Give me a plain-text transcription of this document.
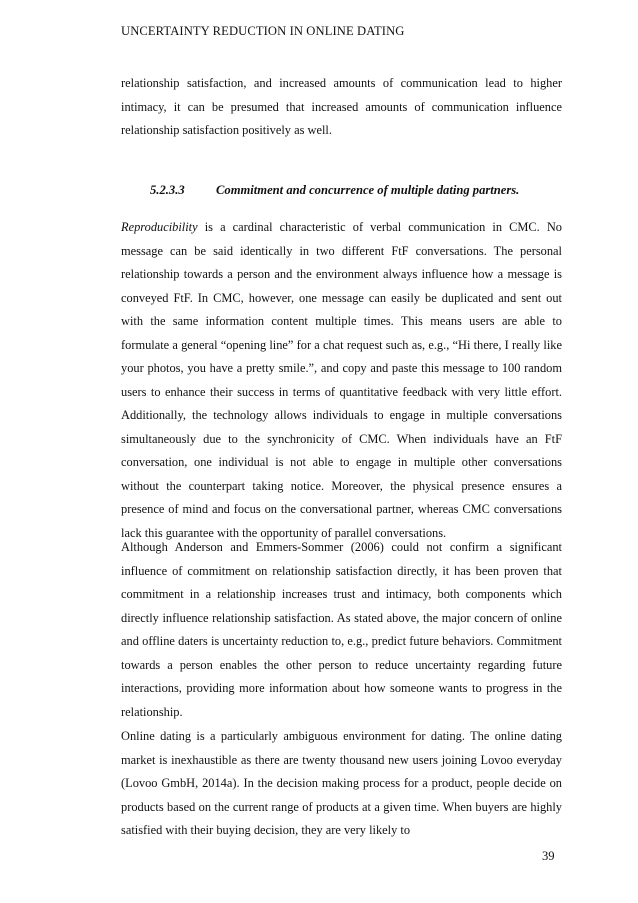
UNCERTAINTY REDUCTION IN ONLINE DATING

relationship satisfaction, and increased amounts of communication lead to higher intimacy, it can be presumed that increased amounts of communication influence relationship satisfaction positively as well.

5.2.3.3 Commitment and concurrence of multiple dating partners.

Reproducibility is a cardinal characteristic of verbal communication in CMC. No message can be said identically in two different FtF conversations. The personal relationship towards a person and the environment always influence how a message is conveyed FtF. In CMC, however, one message can easily be duplicated and sent out with the same information content multiple times. This means users are able to formulate a general “opening line” for a chat request such as, e.g., “Hi there, I really like your photos, you have a pretty smile.”, and copy and paste this message to 100 random users to enhance their success in terms of quantitative feedback with very little effort. Additionally, the technology allows individuals to engage in multiple conversations simultaneously due to the synchronicity of CMC. When individuals have an FtF conversation, one individual is not able to engage in multiple other conversations without the counterpart taking notice. Moreover, the physical presence ensures a presence of mind and focus on the conversational partner, whereas CMC conversations lack this guarantee with the opportunity of parallel conversations.

Although Anderson and Emmers-Sommer (2006) could not confirm a significant influence of commitment on relationship satisfaction directly, it has been proven that commitment in a relationship increases trust and intimacy, both components which directly influence relationship satisfaction. As stated above, the major concern of online and offline daters is uncertainty reduction to, e.g., predict future behaviors. Commitment towards a person enables the other person to reduce uncertainty regarding future interactions, providing more information about how someone wants to progress in the relationship.

Online dating is a particularly ambiguous environment for dating. The online dating market is inexhaustible as there are twenty thousand new users joining Lovoo everyday (Lovoo GmbH, 2014a). In the decision making process for a product, people decide on products based on the current range of products at a given time. When buyers are highly satisfied with their buying decision, they are very likely to

39
